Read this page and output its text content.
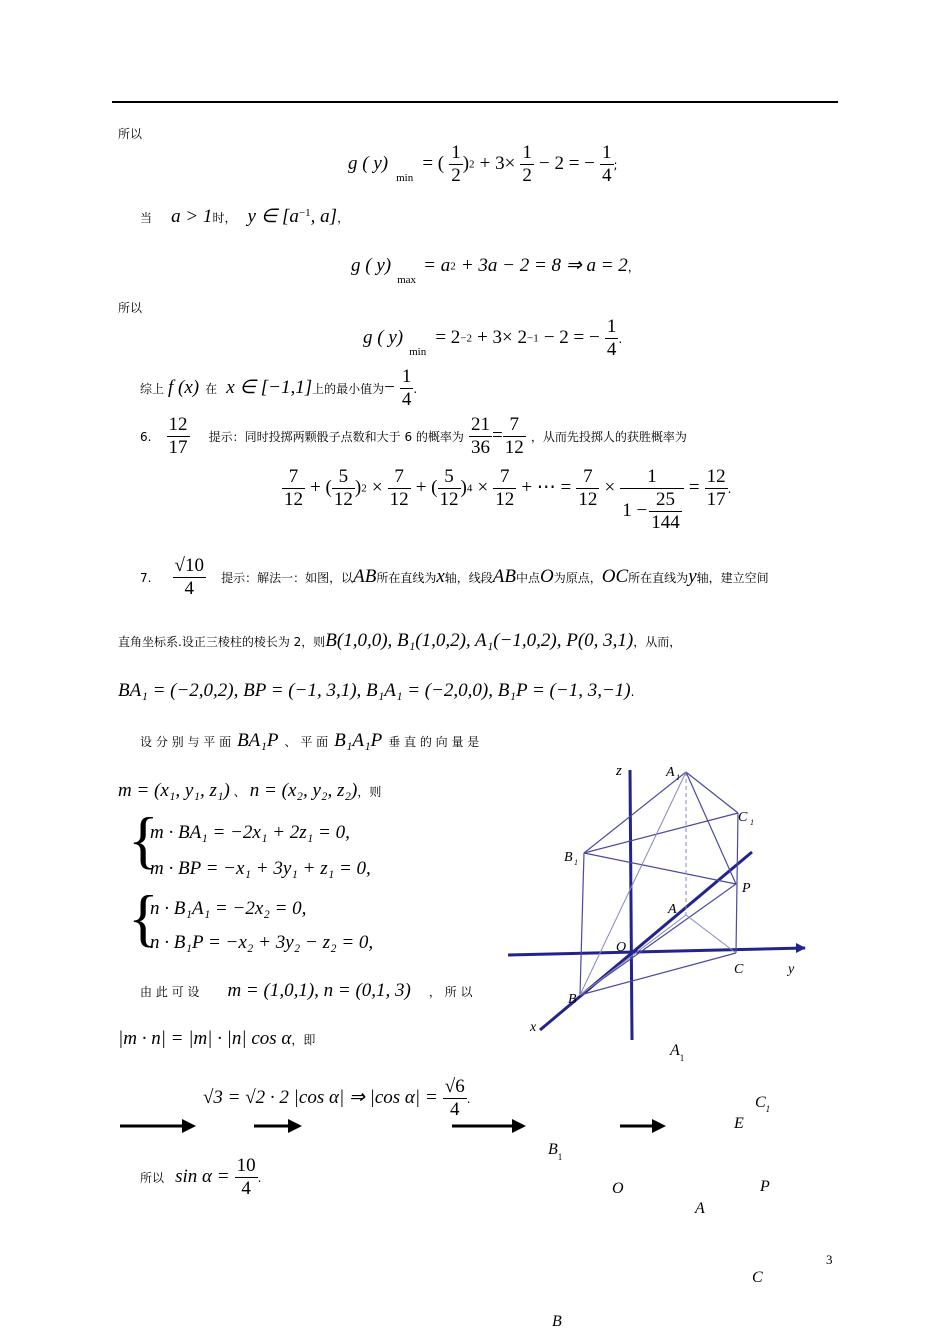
所以
g ( $y)_{min}$ = ( $\frac{1}{2} )2 + 3\times \frac{1}{2} - 2$ = − $\frac{1}{4}$ ;
当 a > 1时， y ∈ [$a^{-1}$, a]，
g ( $y)_{max} = a2 + 3a - 2 = 8$ ⇒ a = 2，
所以
g ( $y)_{min} = 2-2 + 3\times 2-1 - 2$ = − $\frac{1}{4}$ .
综上 f (x) 在 x ∈ [−1,1]上的最小值为− $\frac{1}{4}$ .
6. $\frac{12}{17}$ 提示：同时投掷两颗骰子点数和大于 6 的概率为 $\frac{21}{36} = \frac{7}{12}$ ，从而先投掷人的获胜概率为
$\frac{7}{12}$ + ( $\frac{5}{12} )2 \times \frac{7}{12}$ + ( $\frac{5}{12} )4 \times \frac{7}{12}$ + ⋯ = $\frac{7}{12} \times \frac{1}{1 - \frac{25}{144}} = \frac{12}{17}$ .
7. $\frac{√10}{4}$ 提示：解法一：如图，以AB所在直线为x轴，线段AB中点O为原点，OC所在直线为y轴，建立空间
直角坐标系.设正三棱柱的棱长为 2，则B(1,0,0), B₁(1,0,2), A₁(−1,0,2), P(0, 3,1)，从而，
BA₁ = (−2,0,2), BP = (−1, 3,1), B₁A₁ = (−2,0,0), B₁P = (−1, 3,−1).
设 分 别 与 平 面 BA₁P 、 平 面 B₁A₁P 垂 直 的 向 量 是
m = (x₁, y₁, z₁) 、 n = (x₂, y₂, z₂)，则
{
m · BA₁ = −2x₁ + 2z₁ = 0,
m · BP = −x₁ + 3y₁ + z₁ = 0,
{
n · B₁A₁ = −2x₂ = 0,
n · B₁P = −x₂ + 3y₂ − z₂ = 0,
由 此 可 设 m = (1,0,1), n = (0,1, 3) ， 所 以
|m · n| = |m| · |n| cos α，即
√3 = √2 · 2 |cos α| ⇒ |cos $\alpha| = \frac{√6}{4}$ .
所以 $\sin \alpha = \frac{10}{4}$ .
z	A 1
C 1
B 1
P
A
O
C	y
B
x
$A_1$
$C_1$
E
$B_1$
O	P
A
C
B
3
